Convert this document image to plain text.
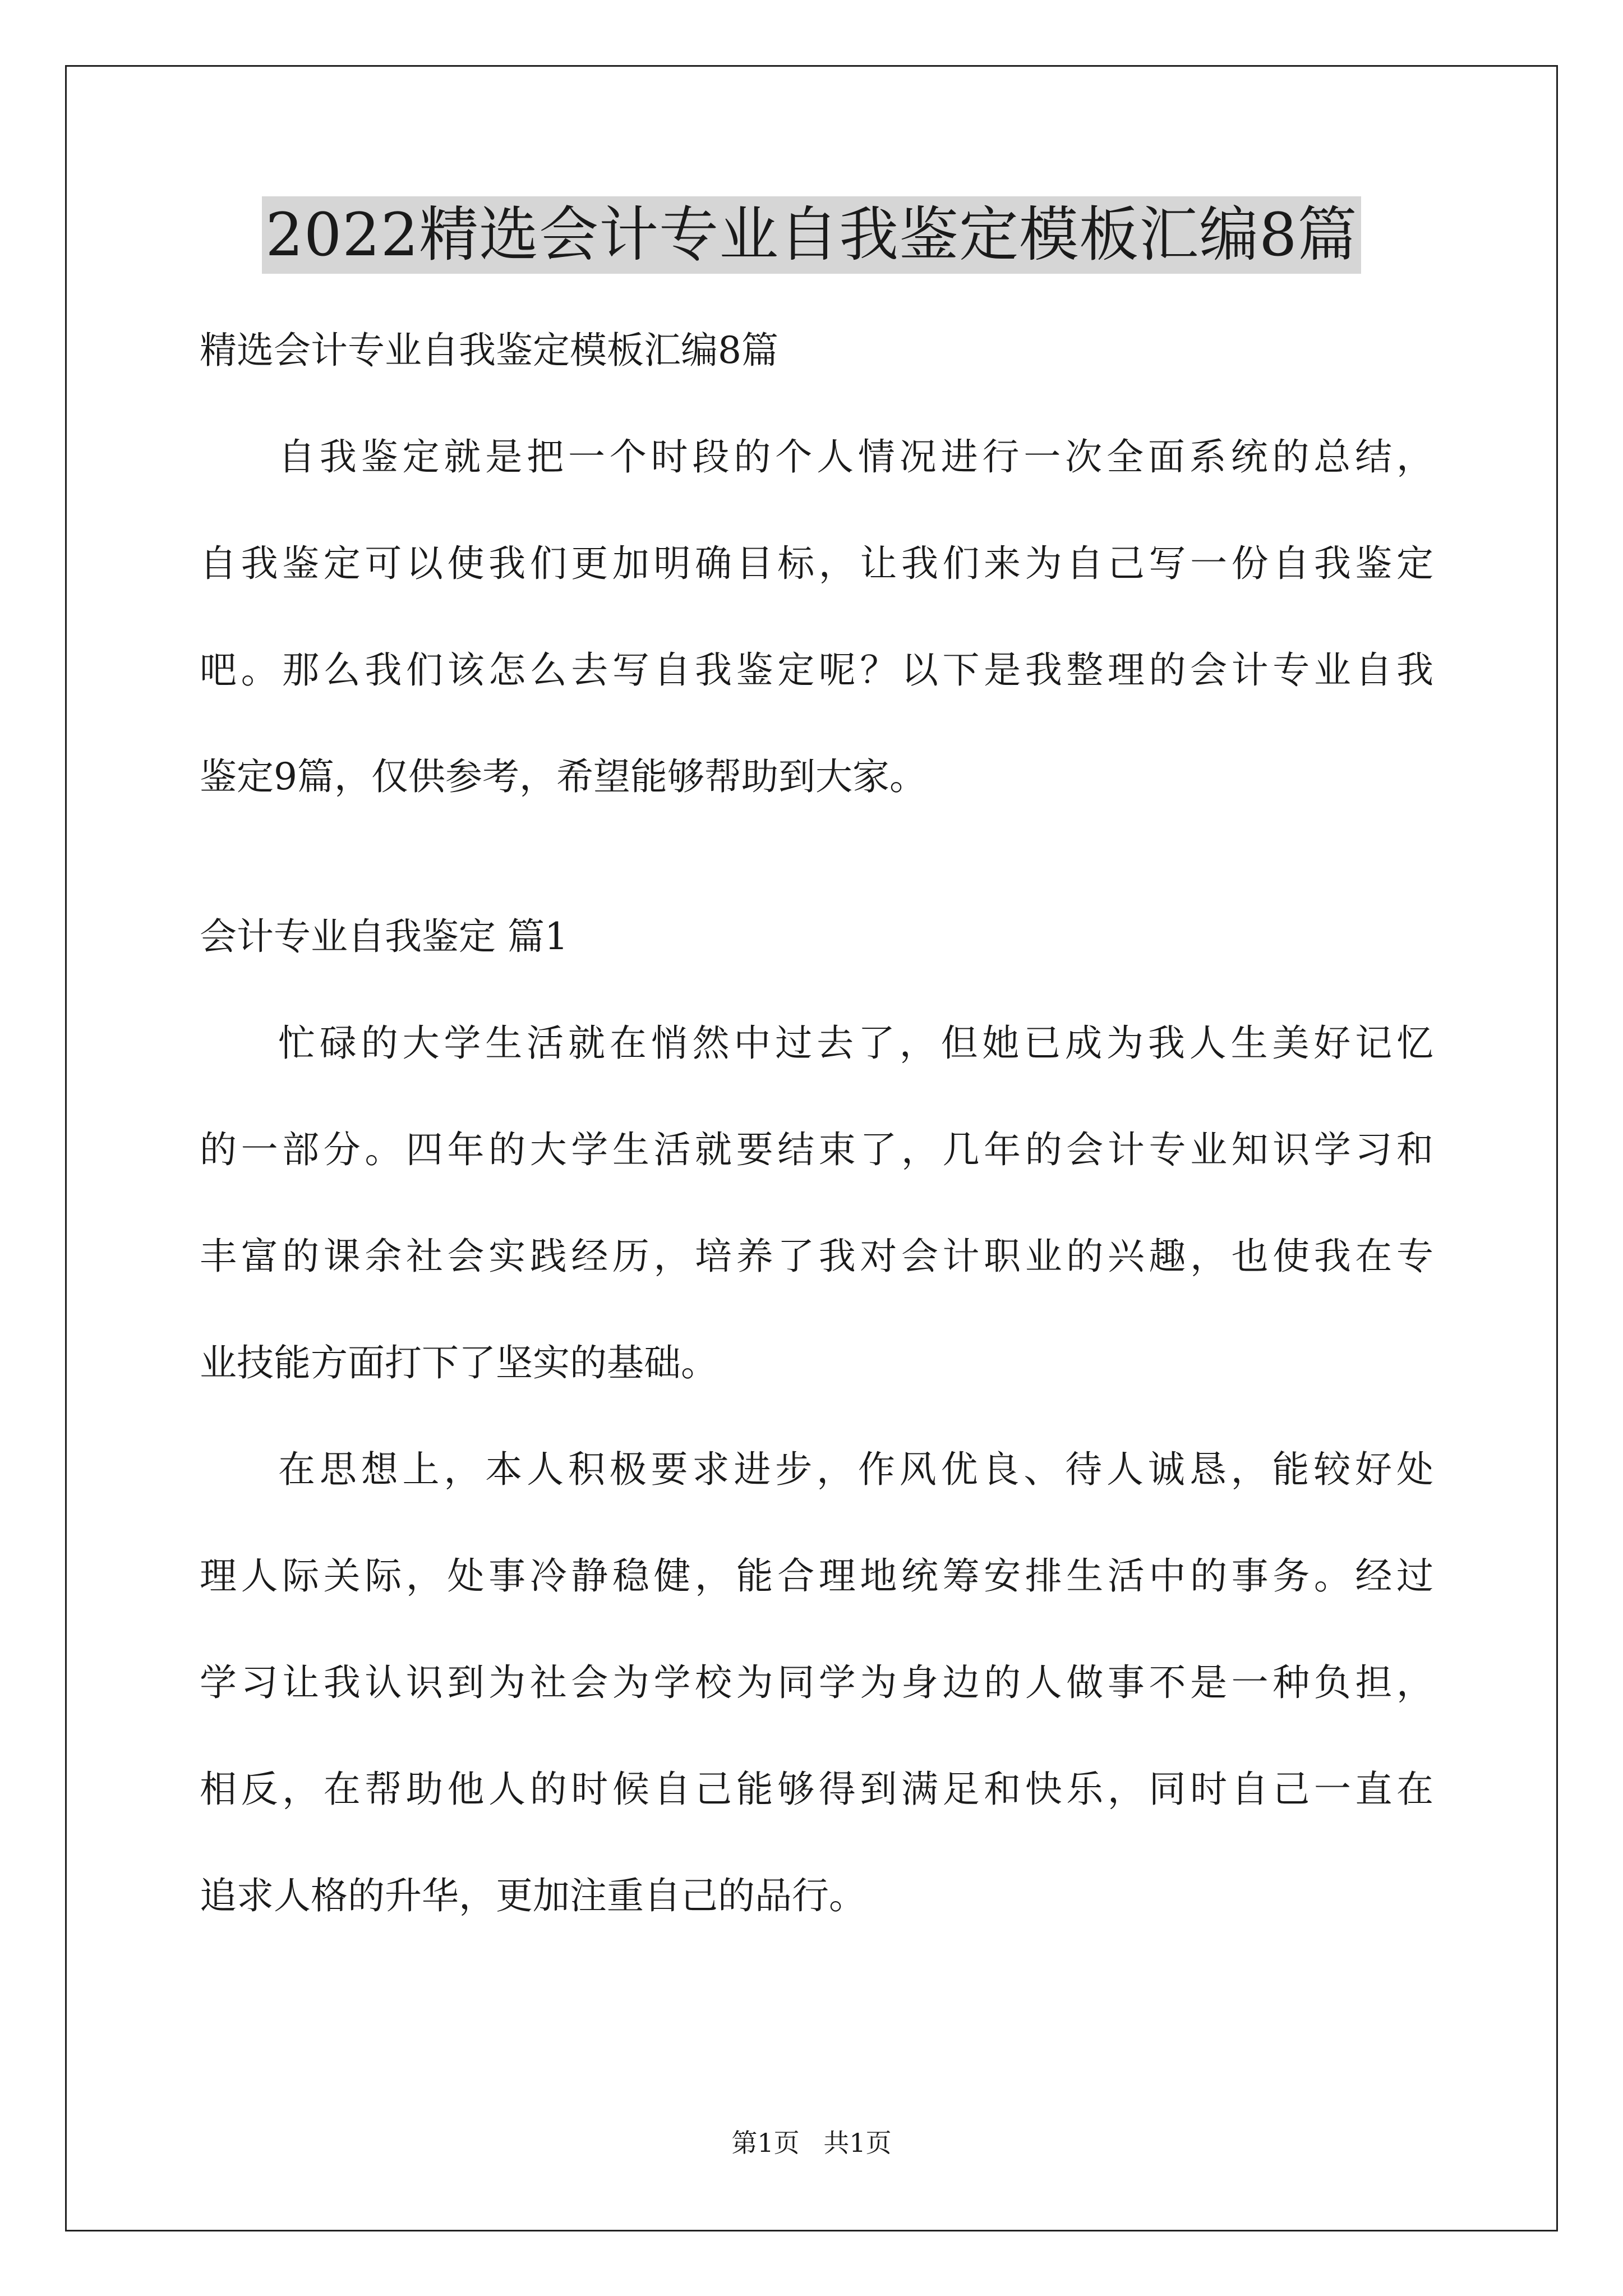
2022精选会计专业自我鉴定模板汇编8篇
精选会计专业自我鉴定模板汇编8篇
自我鉴定就是把一个时段的个人情况进行一次全面系统的总结，
自我鉴定可以使我们更加明确目标，让我们来为自己写一份自我鉴定
吧。那么我们该怎么去写自我鉴定呢？以下是我整理的会计专业自我
鉴定9篇，仅供参考，希望能够帮助到大家。
会计专业自我鉴定 篇1
忙碌的大学生活就在悄然中过去了，但她已成为我人生美好记忆
的一部分。四年的大学生活就要结束了，几年的会计专业知识学习和
丰富的课余社会实践经历，培养了我对会计职业的兴趣，也使我在专
业技能方面打下了坚实的基础。
在思想上，本人积极要求进步，作风优良、待人诚恳，能较好处
理人际关际，处事冷静稳健，能合理地统筹安排生活中的事务。经过
学习让我认识到为社会为学校为同学为身边的人做事不是一种负担，
相反，在帮助他人的时候自己能够得到满足和快乐，同时自己一直在
追求人格的升华，更加注重自己的品行。
第1页 共1页
